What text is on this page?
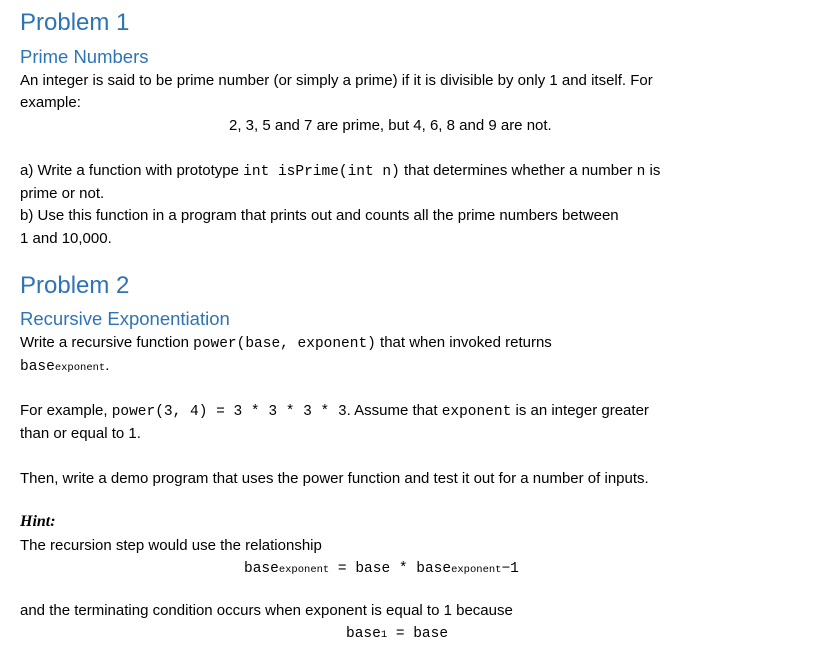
Problem 1
Prime Numbers
An integer is said to be prime number (or simply a prime) if it is divisible by only 1 and itself. For
example:
2, 3, 5 and 7 are prime, but 4, 6, 8 and 9 are not.
a) Write a function with prototype int isPrime(int n) that determines whether a number n is
prime or not.
b) Use this function in a program that prints out and counts all the prime numbers between
1 and 10,000.
Problem 2
Recursive Exponentiation
Write a recursive function power(base, exponent) that when invoked returns
baseexponent.
For example, power(3, 4) = 3 * 3 * 3 * 3. Assume that exponent is an integer greater
than or equal to 1.
Then, write a demo program that uses the power function and test it out for a number of inputs.
Hint:
The recursion step would use the relationship
baseexponent = base * baseexponent−1
and the terminating condition occurs when exponent is equal to 1 because
base1 = base
